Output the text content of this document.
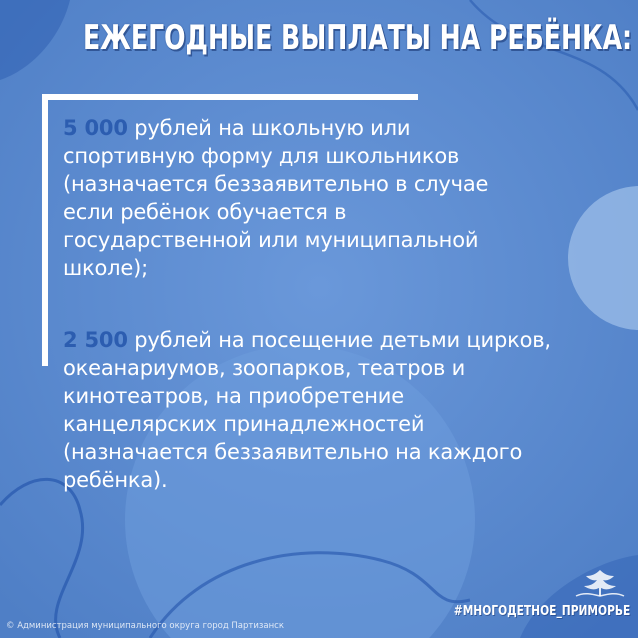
ЕЖЕГОДНЫЕ ВЫПЛАТЫ НА РЕБЁНКА:
5 000 рублей на школьную или
спортивную форму для школьников
(назначается беззаявительно в случае
если ребёнок обучается в
государственной или муниципальной
школе);
2 500 рублей на посещение детьми цирков,
океанариумов, зоопарков, театров и
кинотеатров, на приобретение
канцелярских принадлежностей
(назначается беззаявительно на каждого
ребёнка).
#МНОГОДЕТНОЕ_ПРИМОРЬЕ
© Администрация муниципального округа город Партизанск
